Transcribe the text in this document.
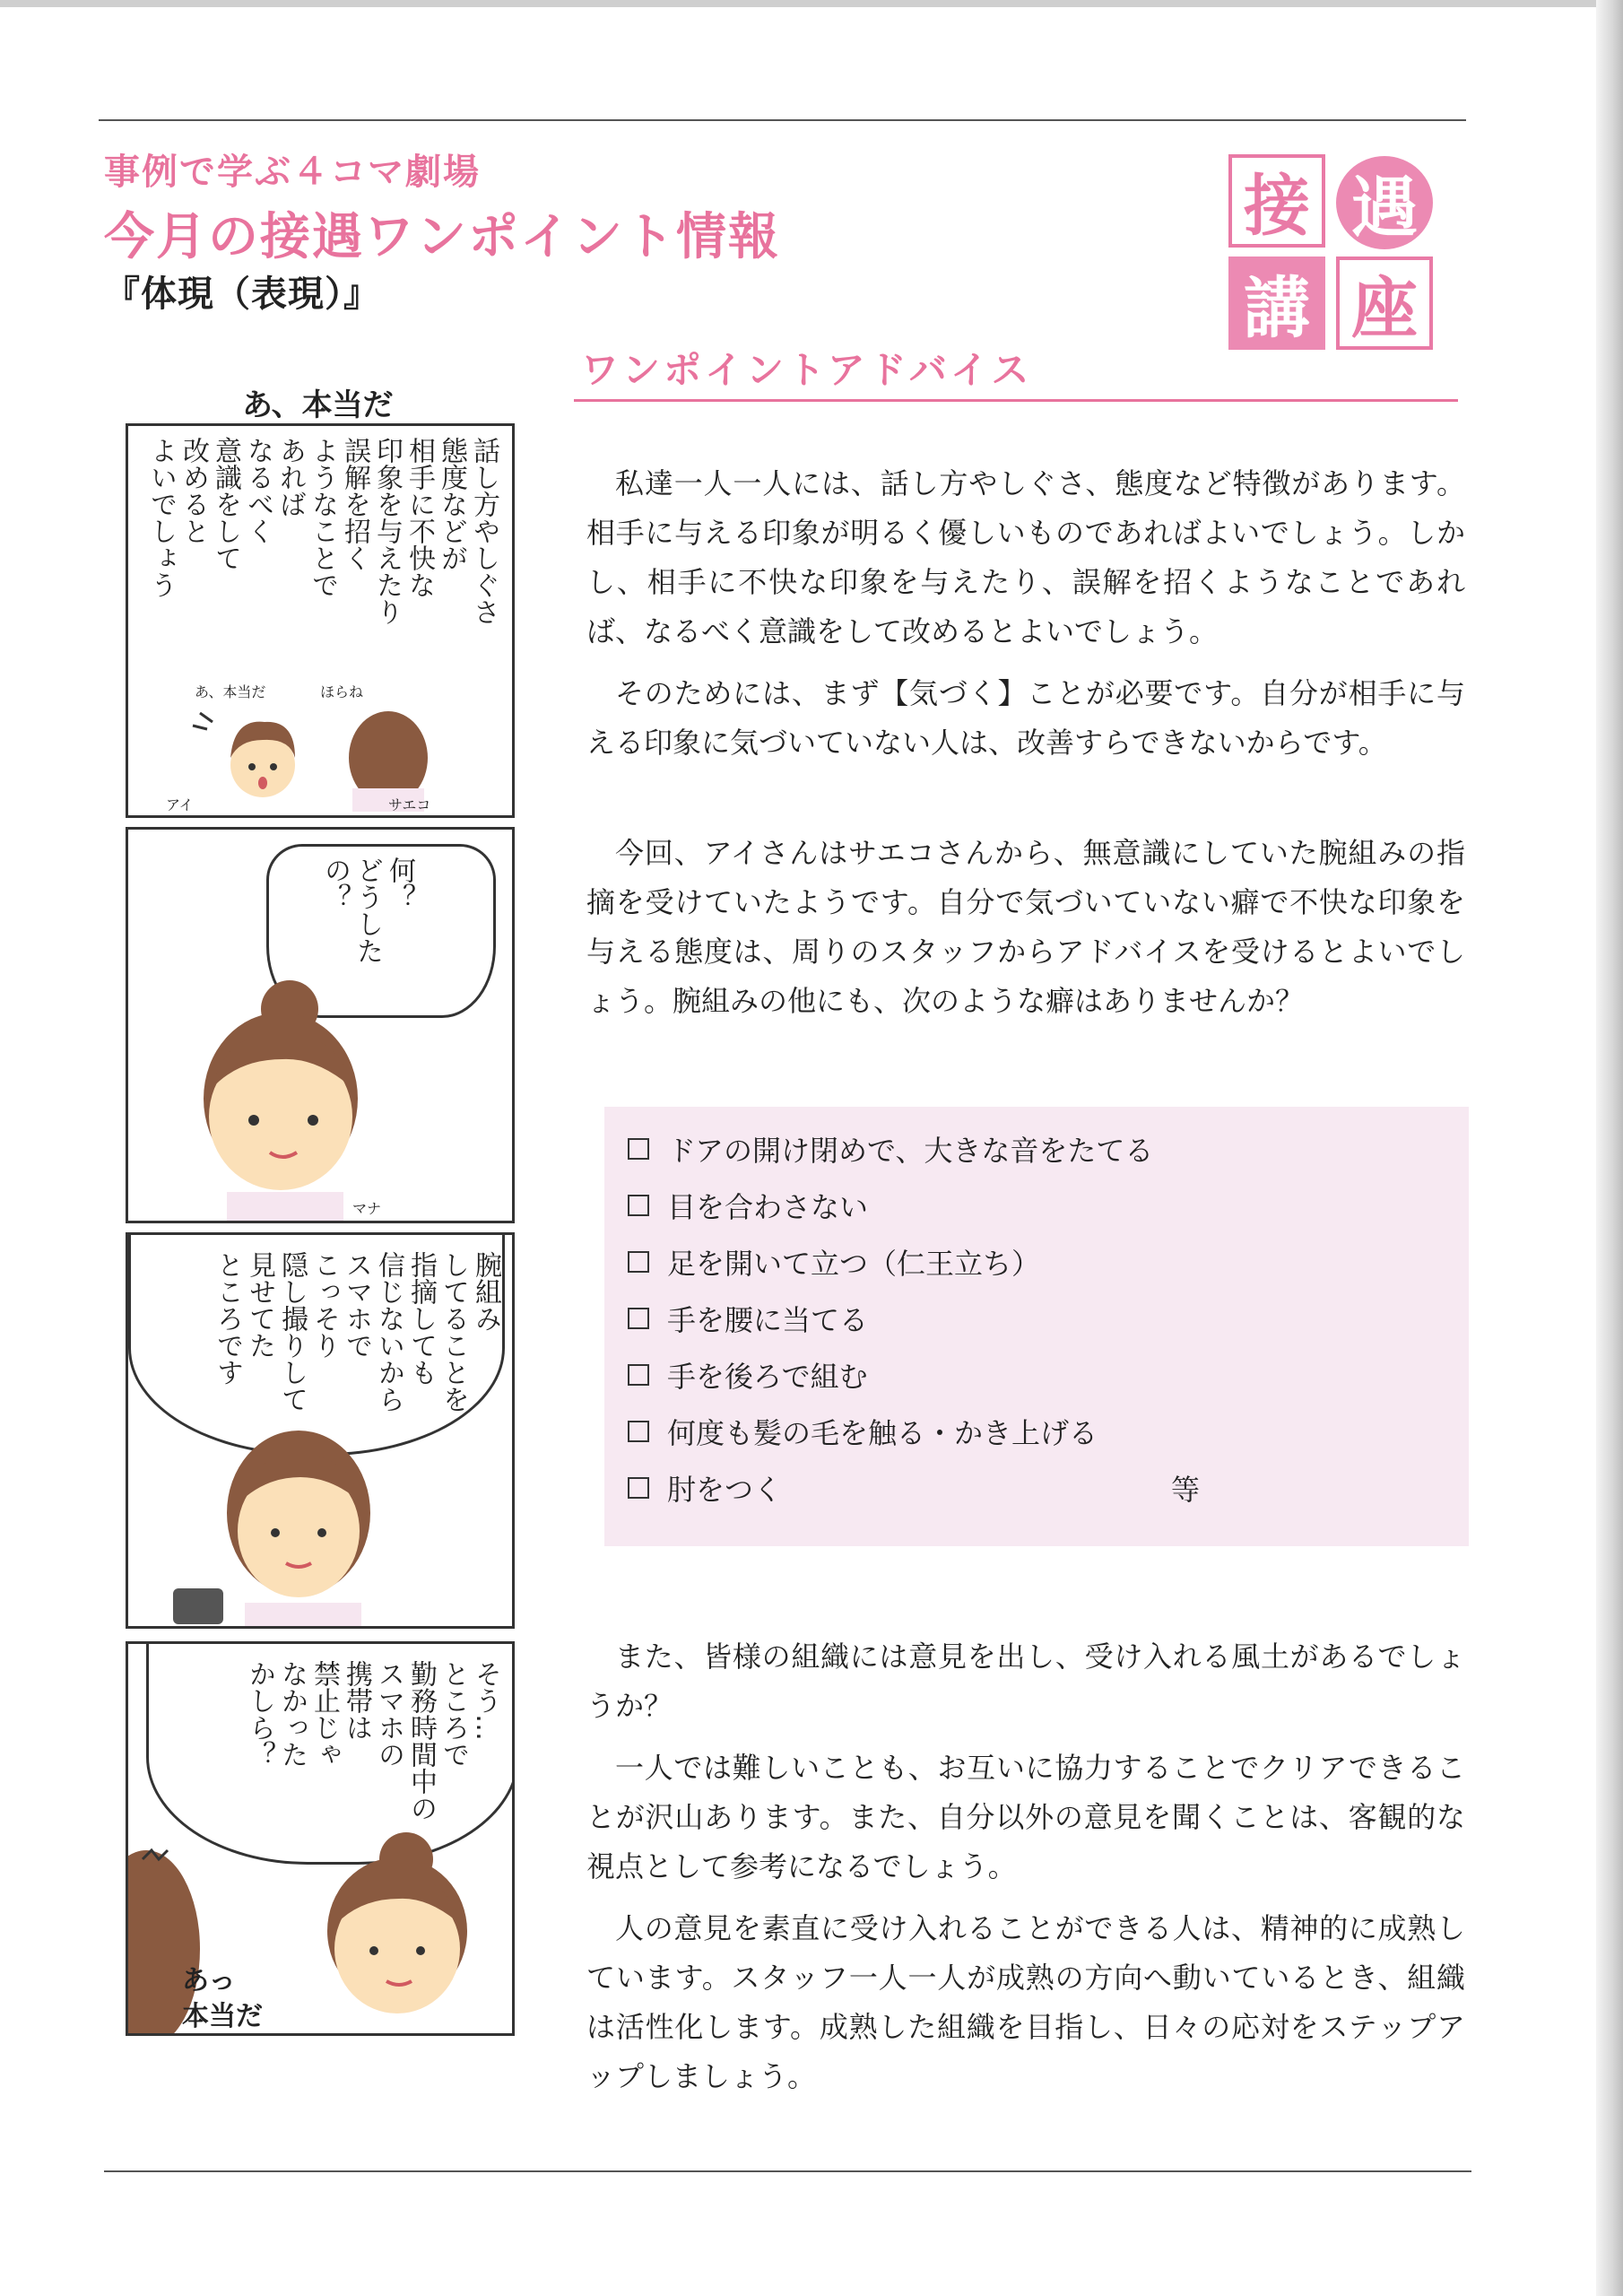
事例で学ぶ４コマ劇場
今月の接遇ワンポイント情報
『体現（表現）』
接 遇
講 座
ワンポイントアドバイス
あ、本当だ
話し方やしぐさ
態度などが
相手に不快な
印象を与えたり
誤解を招く
ようなことで
あれば
なるべく
意識をして
改めると
よいでしょう
あ、本当だ	ほらね
アイ	サエコ
何？
どうしたの？
マナ
腕組み
してることを
指摘しても
信じないから
スマホで
こっそり
隠し撮りして
見せてた
ところです
そう…
ところで
勤務時間中の
スマホの
携帯は
禁止じゃ
なかった
かしら？
あっ
本当だ

私達一人一人には、話し方やしぐさ、態度など特徴があります。相手に与える印象が明るく優しいものであればよいでしょう。しかし、相手に不快な印象を与えたり、誤解を招くようなことであれば、なるべく意識をして改めるとよいでしょう。

そのためには、まず【気づく】ことが必要です。自分が相手に与える印象に気づいていない人は、改善すらできないからです。

今回、アイさんはサエコさんから、無意識にしていた腕組みの指摘を受けていたようです。自分で気づいていない癖で不快な印象を与える態度は、周りのスタッフからアドバイスを受けるとよいでしょう。腕組みの他にも、次のような癖はありませんか？

ドアの開け閉めで、大きな音をたてる
目を合わさない
足を開いて立つ（仁王立ち）
手を腰に当てる
手を後ろで組む
何度も髪の毛を触る・かき上げる
肘をつく	等

また、皆様の組織には意見を出し、受け入れる風土があるでしょうか？

一人では難しいことも、お互いに協力することでクリアできることが沢山あります。また、自分以外の意見を聞くことは、客観的な視点として参考になるでしょう。

人の意見を素直に受け入れることができる人は、精神的に成熟しています。スタッフ一人一人が成熟の方向へ動いているとき、組織は活性化します。成熟した組織を目指し、日々の応対をステップアップしましょう。
